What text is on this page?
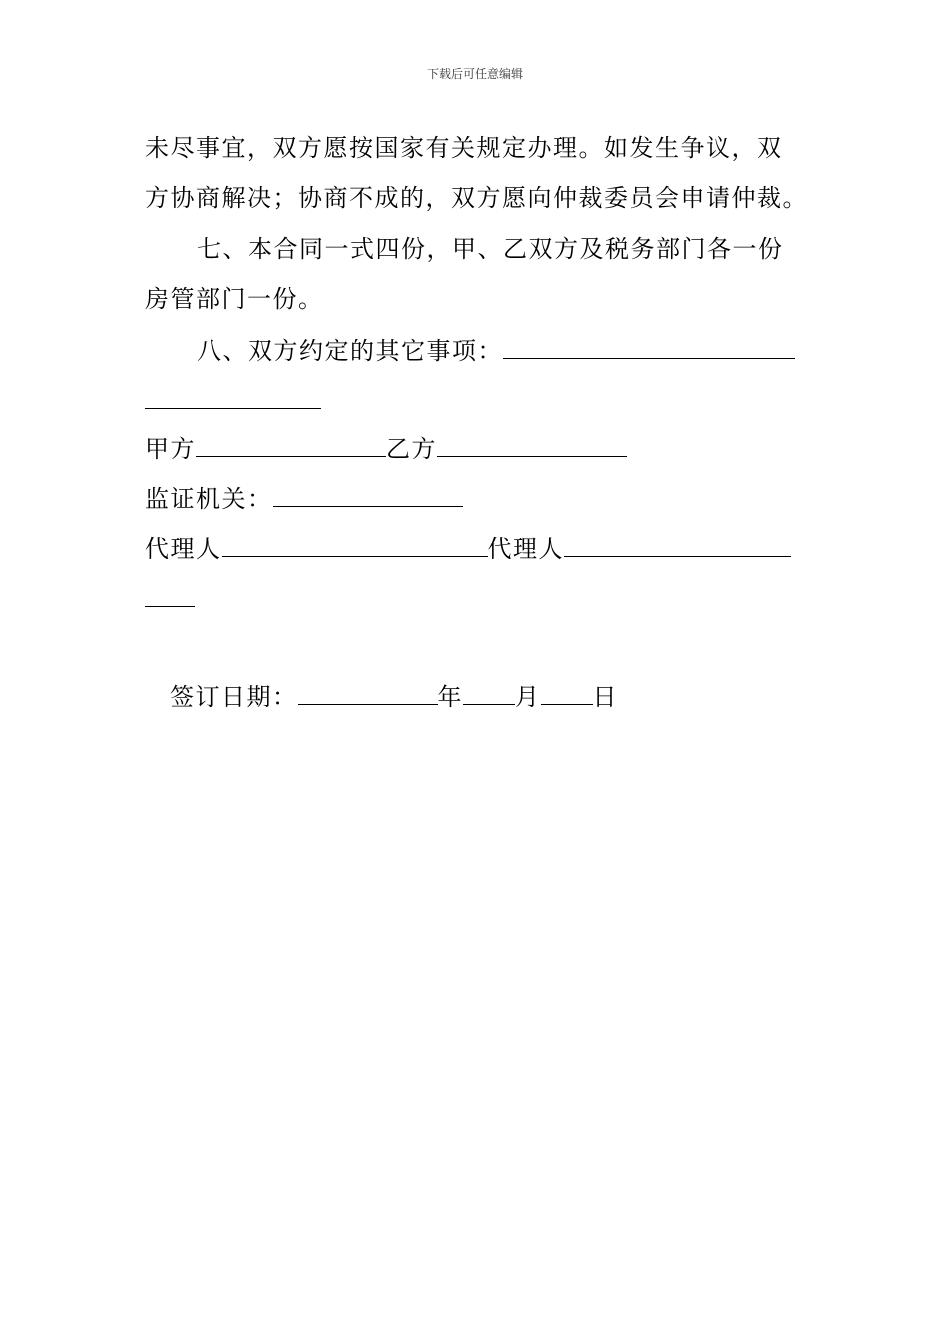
下载后可任意编辑
未尽事宜，双方愿按国家有关规定办理。如发生争议，双
方协商解决；协商不成的，双方愿向仲裁委员会申请仲裁。
七、本合同一式四份，甲、乙双方及税务部门各一份
房管部门一份。
八、双方约定的其它事项：
甲方	乙方
监证机关：
代理人	代理人
签订日期：	年 月 日
